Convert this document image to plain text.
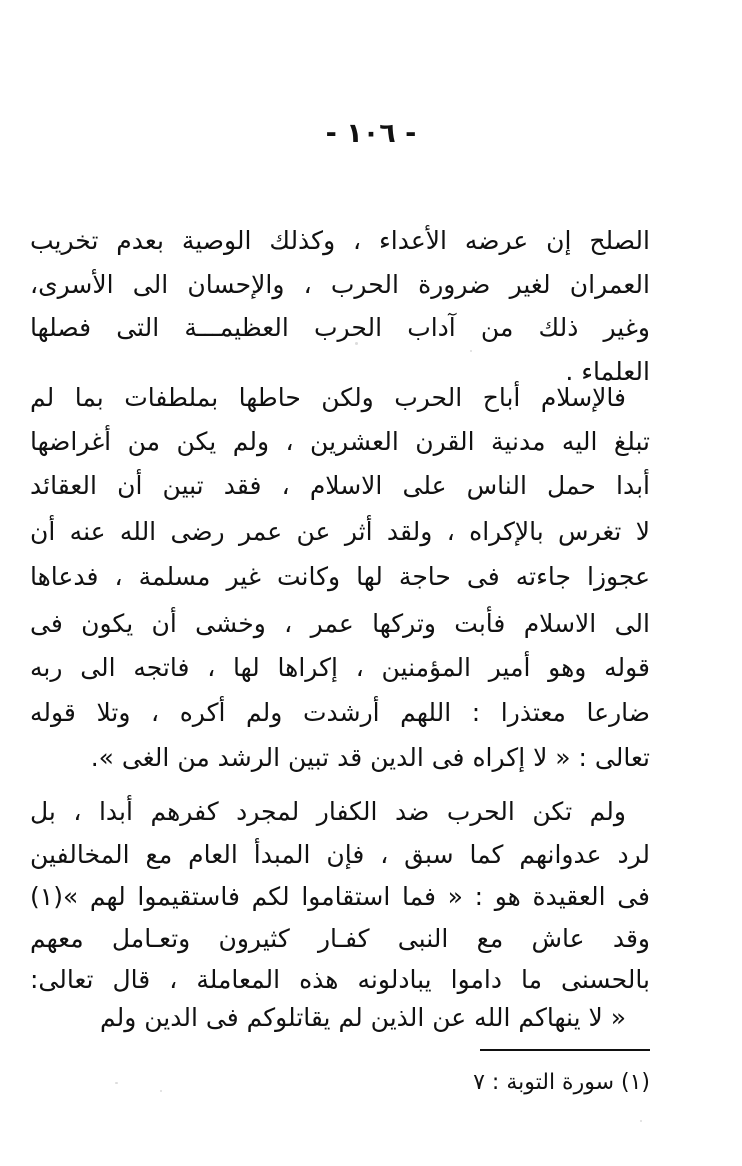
- ١٠٦ -
الصلح إن عرضه الأعداء ، وكذلك الوصية بعدم تخريب
العمران لغير ضرورة الحرب ، والإحسان الى الأسرى،
وغير ذلك من آداب الحرب العظيمـــة التى فصلها
العلماء .
فالإسلام أباح الحرب ولكن حاطها بملطفات بما لم
تبلغ اليه مدنية القرن العشرين ، ولم يكن من أغراضها
أبدا حمل الناس على الاسلام ، فقد تبين أن العقائد
لا تغرس بالإكراه ، ولقد أثر عن عمر رضى الله عنه أن
عجوزا جاءته فى حاجة لها وكانت غير مسلمة ، فدعاها
الى الاسلام فأبت وتركها عمر ، وخشى أن يكون فى
قوله وهو أمير المؤمنين ، إكراها لها ، فاتجه الى ربه
ضارعا معتذرا : اللهم أرشدت ولم أكره ، وتلا قوله
تعالى : « لا إكراه فى الدين قد تبين الرشد من الغى ».
ولم تكن الحرب ضد الكفار لمجرد كفرهم أبدا ، بل
لرد عدوانهم كما سبق ، فإن المبدأ العام مع المخالفين
فى العقيدة هو : « فما استقاموا لكم فاستقيموا لهم »(١)
وقد عاش مع النبى كفـار كثيرون وتعـامل معهم
بالحسنى ما داموا يبادلونه هذه المعاملة ، قال تعالى:
« لا ينهاكم الله عن الذين لم يقاتلوكم فى الدين ولم
(١) سورة التوبة : ٧
